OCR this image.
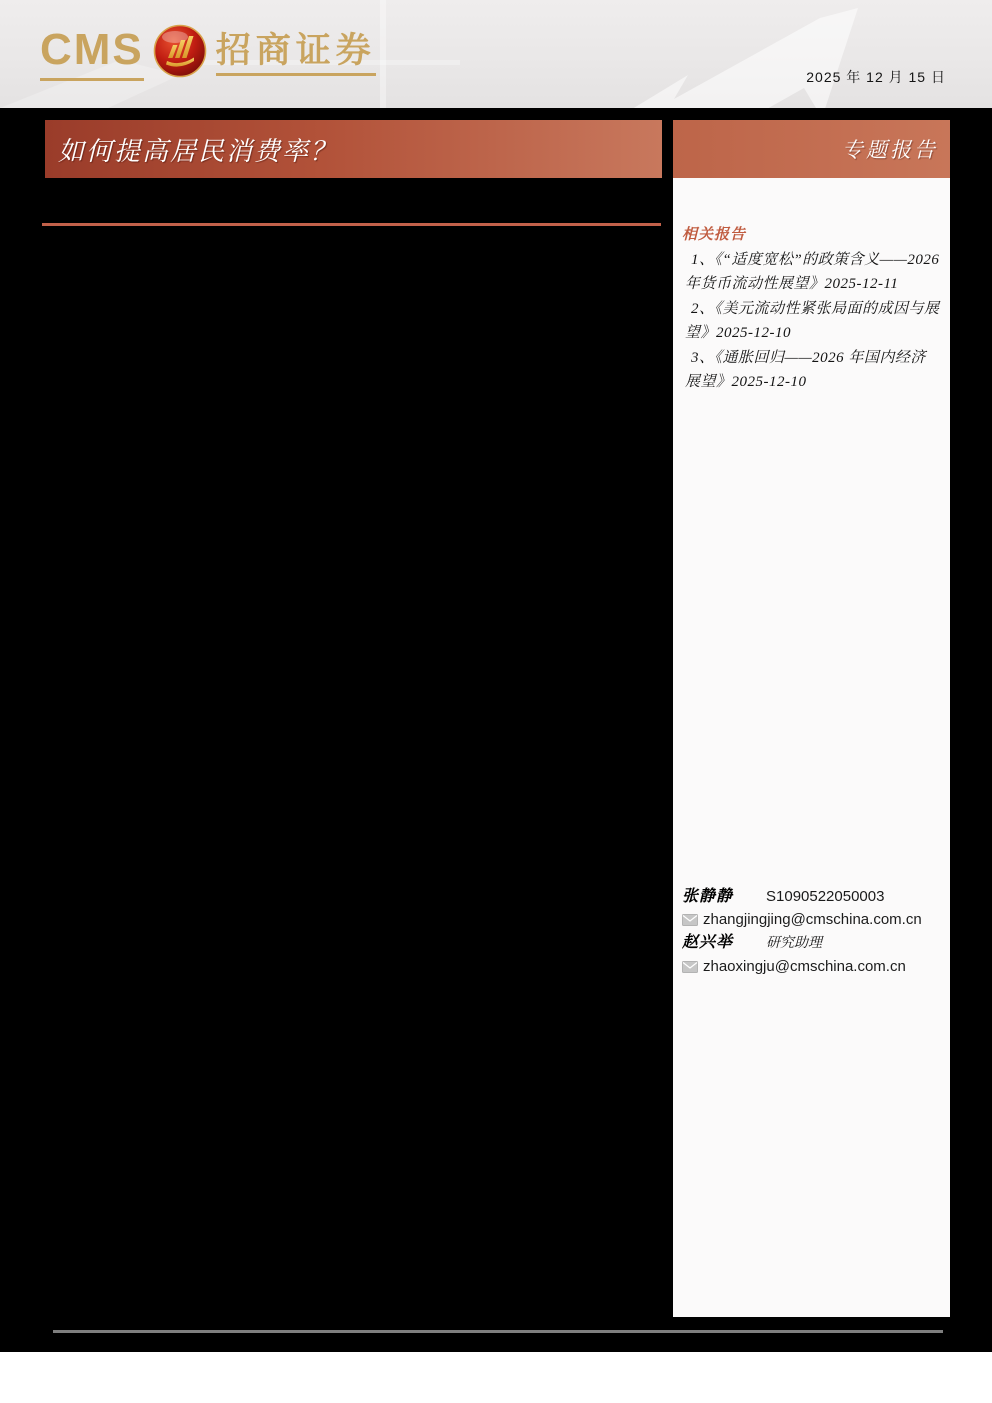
CMS 招商证券
2025 年 12 月 15 日
如何提高居民消费率？	专题报告
相关报告
1、《“适度宽松”的政策含义——2026 年货币流动性展望》2025-12-11
2、《美元流动性紧张局面的成因与展望》2025-12-10
3、《通胀回归——2026 年国内经济展望》2025-12-10
张静静	S1090522050003
zhangjingjing@cmschina.com.cn
赵兴举	研究助理
zhaoxingju@cmschina.com.cn
